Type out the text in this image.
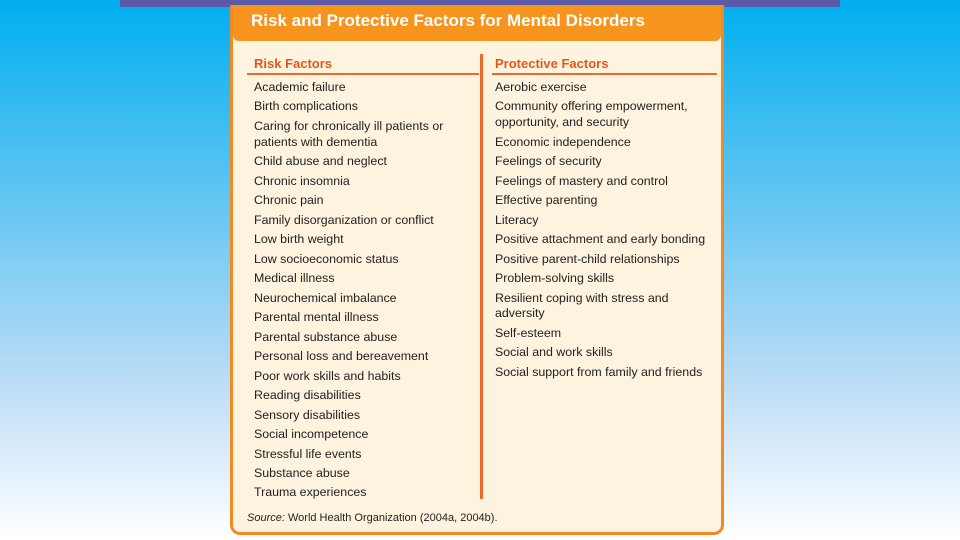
Risk and Protective Factors for Mental Disorders
Risk Factors
Academic failure
Birth complications
Caring for chronically ill patients or patients with dementia
Child abuse and neglect
Chronic insomnia
Chronic pain
Family disorganization or conflict
Low birth weight
Low socioeconomic status
Medical illness
Neurochemical imbalance
Parental mental illness
Parental substance abuse
Personal loss and bereavement
Poor work skills and habits
Reading disabilities
Sensory disabilities
Social incompetence
Stressful life events
Substance abuse
Trauma experiences
Protective Factors
Aerobic exercise
Community offering empowerment, opportunity, and security
Economic independence
Feelings of security
Feelings of mastery and control
Effective parenting
Literacy
Positive attachment and early bonding
Positive parent-child relationships
Problem-solving skills
Resilient coping with stress and adversity
Self-esteem
Social and work skills
Social support from family and friends
Source: World Health Organization (2004a, 2004b).
